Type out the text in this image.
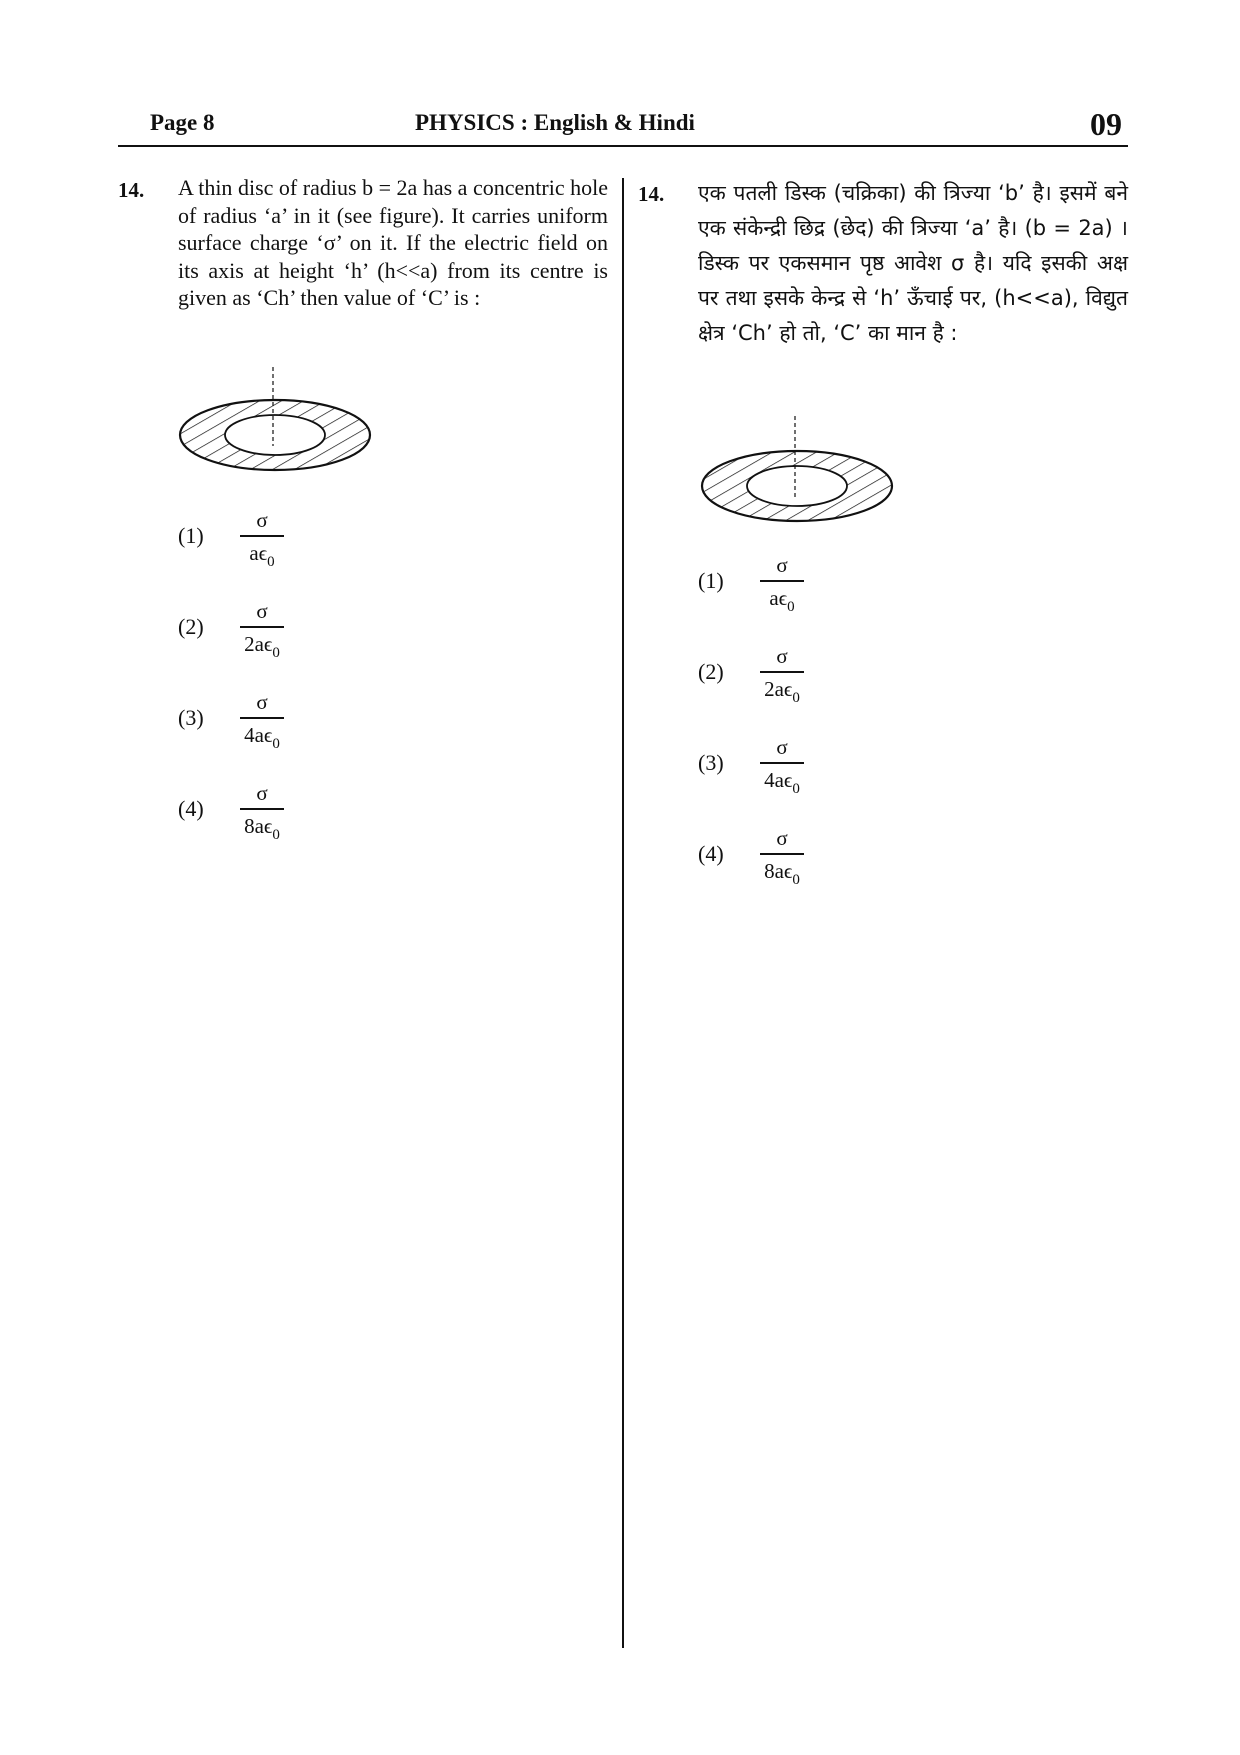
Page 8	PHYSICS : English & Hindi	09
14. A thin disc of radius b = 2a has a concentric hole of radius ‘a’ in it (see figure). It carries uniform surface charge ‘σ’ on it. If the electric field on its axis at height ‘h’ (h<<a) from its centre is given as ‘Ch’ then value of ‘C’ is :
(1)
σ
$a\epsilon_0$
(2)
σ
$2a\epsilon_0$
(3)
σ
$4a\epsilon_0$
(4)
σ
$8a\epsilon_0$
14. एक पतली डिस्क (चक्रिका) की त्रिज्या ‘b’ है। इसमें बने एक संकेन्द्री छिद्र (छेद) की त्रिज्या ‘a’ है। (b = 2a) । डिस्क पर एकसमान पृष्ठ आवेश σ है। यदि इसकी अक्ष पर तथा इसके केन्द्र से ‘h’ ऊँचाई पर, (h<<a), विद्युत क्षेत्र ‘Ch’ हो तो, ‘C’ का मान है :
(1)
σ
$a\epsilon_0$
(2)
σ
$2a\epsilon_0$
(3)
σ
$4a\epsilon_0$
(4)
σ
$8a\epsilon_0$
